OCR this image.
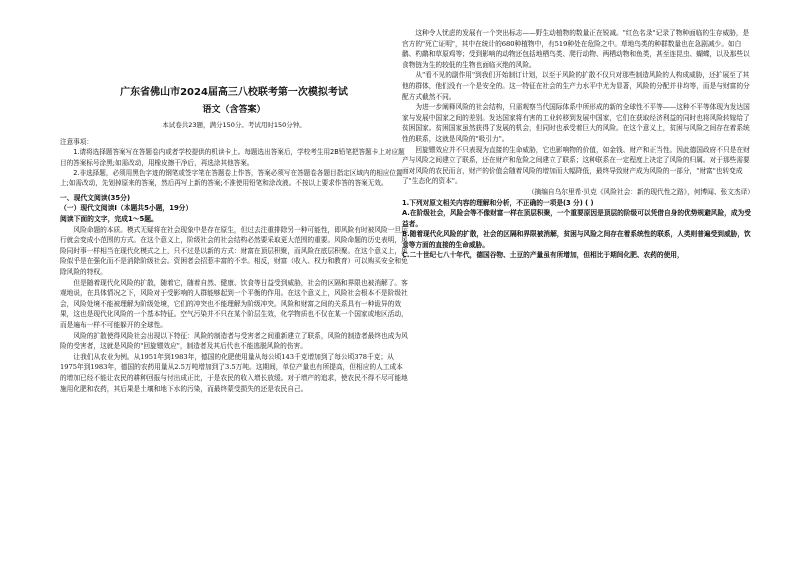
广东省佛山市2024届高三八校联考第一次模拟考试
语文（含答案）
本试卷共23题，满分150分。考试用时150分钟。
注意事项：

1.请将选择题答案写在答题卷内或者学校提供的机读卡上。每题选出答案后，学校考生用2B铅笔把答题卡上对应题目的答案标号涂黑;如需改动，用橡皮擦干净后，再选涂其他答案。

2.非选择题，必须用黑色字迹的钢笔或签字笔在答题卷上作答，答案必须写在答题卷各题目指定区域内的相应位置上;如需改动，先划掉原来的答案，然后再写上新的答案;不准使用铅笔和涂改液。不按以上要求作答的答案无效。

一、现代文阅读(35分)
（一）现代文阅读Ⅰ（本题共5小题，19分）
阅读下面的文字，完成1～5题。

风险命题的本质。模式无疑将在社会现象中是存在原生，但过去注重排除另一种可能性，即风险有时被风险一旦运行就会变成小范围的方式。在这个意义上，阶级社会的社会结构必然要采取更大范围的重要。风险命题的历史表明，风险同时事一样相当在现代化模式之上，只不过是以新的方式：财富在顶层积聚，而风险在底层积聚。在这个意义上，风险似乎是在强化而不是消除阶级社会。资困者会招惹丰富的不幸。相反，财富（收入、权力和教育）可以购买安全和免除风险的特权。

但是随着现代化风险的扩散，随着它，随着自然、健康、饮食等日益受到威胁，社会的区隔和界限也被消解了。客观地说，在具体情况之下，风险对于受影响的人群能够起到一个平衡的作用。在这个意义上，风险社会根本不是阶级社会，风险处境不能被理解为阶级处境，它们的冲突也不能理解为阶级冲突。风险和财富之间的关系具有一种诡异的效果，这也是现代化风险的一个基本特征。空气污染并不只在某个阶层生效，化学物质也不仅在某一个国家或地区活动，而是遍布一样不可能躲开的全球性。

风险的扩散使得风险社会出现以下特征：风险的制造者与受害者之间重新建立了联系，风险的制造者最终也成为风险的受害者，这就是风险的"回旋镖效应"，制造者及其后代也不能逃脱风险的伤害。

让我们从农业为例。从1951年到1983年，德国的化肥使用量从每公顷143千克增加到了每公顷378千克；从1975年到1983年，德国的农药用量从2.5万吨增加到了3.5万吨。这期间，单位产量也有所提高，但相应的人工成本的增加已经不能让农民的耕种回报与付出成正比，于是农民的收入增长放缓。对于增产的追求，使农民不得不尽可能地施用化肥和农药，其后果是土壤和地下水的污染，而最终蒙受损失的还是农民自己。

这种令人忧虑的发展有一个突出标志——野生动植物的数量正在锐减。"红色名录"记录了物种面临的生存威胁，是官方的"死亡证明"，其中在统计的680种植物中，有519种处在危险之中。草地鸟类的种群数量也在急剧减少。如白鹳、杓鹬和草原鸡等；受到影响的动物还包括地栖鸟类、爬行动物、两栖动物和鱼类，甚至连昆虫、蝴蝶，以及那些以食物链为生的较低的生物也面临灭绝的风险。

从"看不见的副作用"到我们开始制订计划，以至于风险的扩散不仅只对那些制造风险的人构成威胁，还扩展至了其他的群体，他们没有一个是安全的。这一特征在社会的生产力水平中尤为显著，风险的分配并非均等，而是与财富的分配方式截然不同。

为进一步阐释风险的社会结构，只需观察当代国际体系中所形成的新的全球性不平等——这种不平等体现为发达国家与发展中国家之间的差别。发达国家将有害的工业转移到发展中国家，它们在获取经济利益的同时也将风险转嫁给了贫困国家。贫困国家虽然获得了发展的机会，但同时也承受着巨大的风险。在这个意义上，贫困与风险之间存在着系统性的联系，这就是风险的"吸引力"。

回旋镖效应并不只表现为直接的生命威胁，它也影响物的价值，如金钱、财产和正当性。因此德国政府不只是在财产与风险之间建立了联系，还在财产和危险之间建立了联系；这种联系在一定程度上决定了风险的归属。对于那些需要面对风险的农民而言，财产的价值会随着风险的增加而大幅降低，最终导致财产成为风险的一部分，"财富"也转变成了"生态化的资本"。

（摘编自乌尔里希·贝克《风险社会：新的现代性之路》，何博闻、张文杰译）

1.下列对原文相关内容的理解和分析，不正确的一项是(3 分) ( )

A.在阶级社会，风险会等不像财富一样在顶层积聚，一个重要原因是顶层的阶级可以凭借自身的优势规避风险，成为受益者。

B.随着现代化风险的扩散，社会的区隔和界限被消解，贫困与风险之间存在着系统性的联系，人类则普遍受到威胁，饮食等方面的直接的生命威胁。

C.二十世纪七八十年代，德国谷物、土豆的产量虽有所增加，但相比于期间化肥、农药的使用，
